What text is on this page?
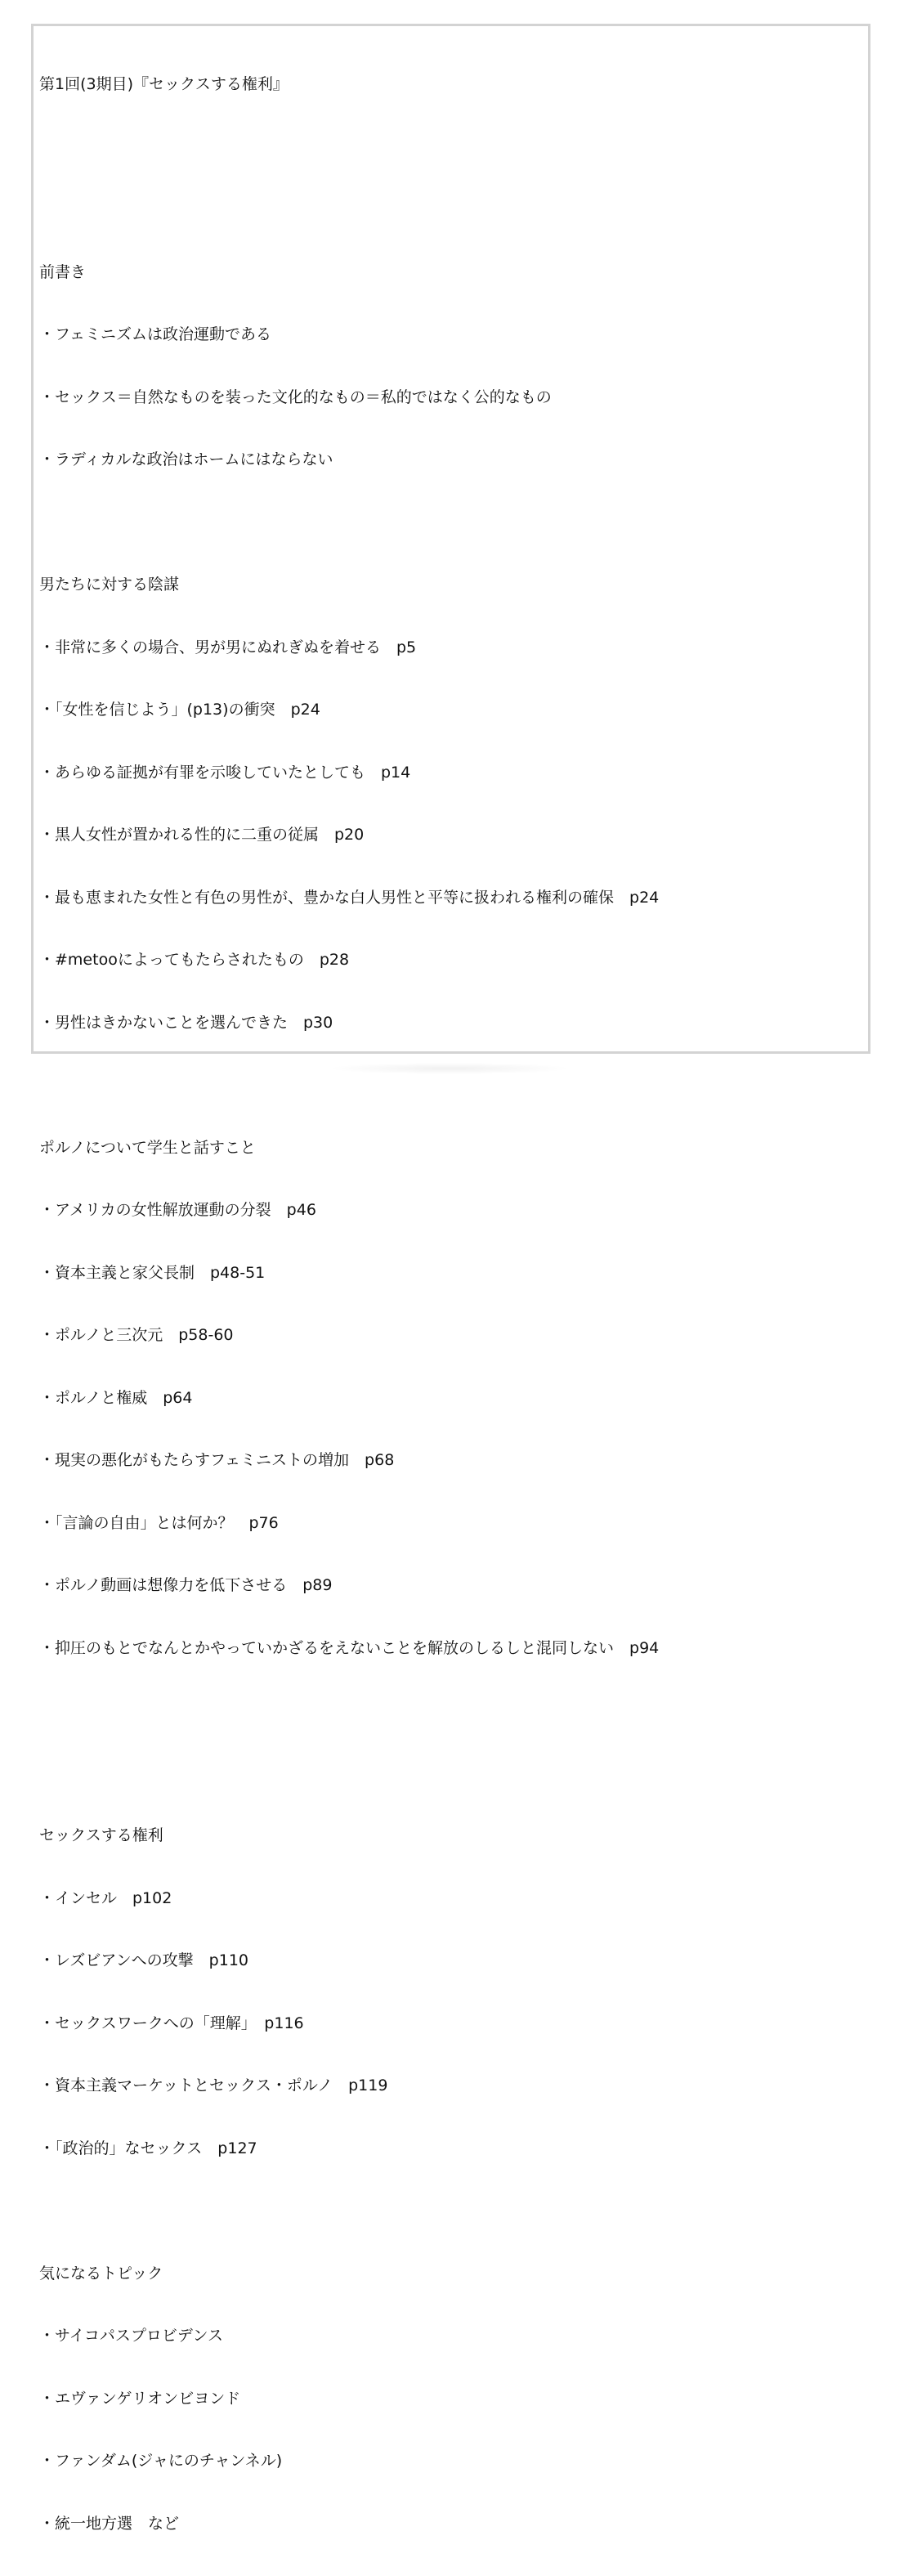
第1回(3期目)『セックスする権利』

前書き

・フェミニズムは政治運動である

・セックス＝自然なものを装った文化的なもの＝私的ではなく公的なもの

・ラディカルな政治はホームにはならない

男たちに対する陰謀

・非常に多くの場合、男が男にぬれぎぬを着せる　p5

・「女性を信じよう」(p13)の衝突　p24

・あらゆる証拠が有罪を示唆していたとしても　p14

・黒人女性が置かれる性的に二重の従属　p20

・最も恵まれた女性と有色の男性が、豊かな白人男性と平等に扱われる権利の確保　p24

・#metooによってもたらされたもの　p28

・男性はきかないことを選んできた　p30

ポルノについて学生と話すこと

・アメリカの女性解放運動の分裂　p46

・資本主義と家父長制　p48-51

・ポルノと三次元　p58-60

・ポルノと権威　p64

・現実の悪化がもたらすフェミニストの増加　p68

・「言論の自由」とは何か？　p76

・ポルノ動画は想像力を低下させる　p89

・抑圧のもとでなんとかやっていかざるをえないことを解放のしるしと混同しない　p94

セックスする権利

・インセル　p102

・レズビアンへの攻撃　p110

・セックスワークへの「理解」　p116

・資本主義マーケットとセックス・ポルノ　p119

・「政治的」なセックス　p127

気になるトピック

・サイコパスプロビデンス

・エヴァンゲリオンビヨンド

・ファンダム(ジャにのチャンネル)

・統一地方選　など
